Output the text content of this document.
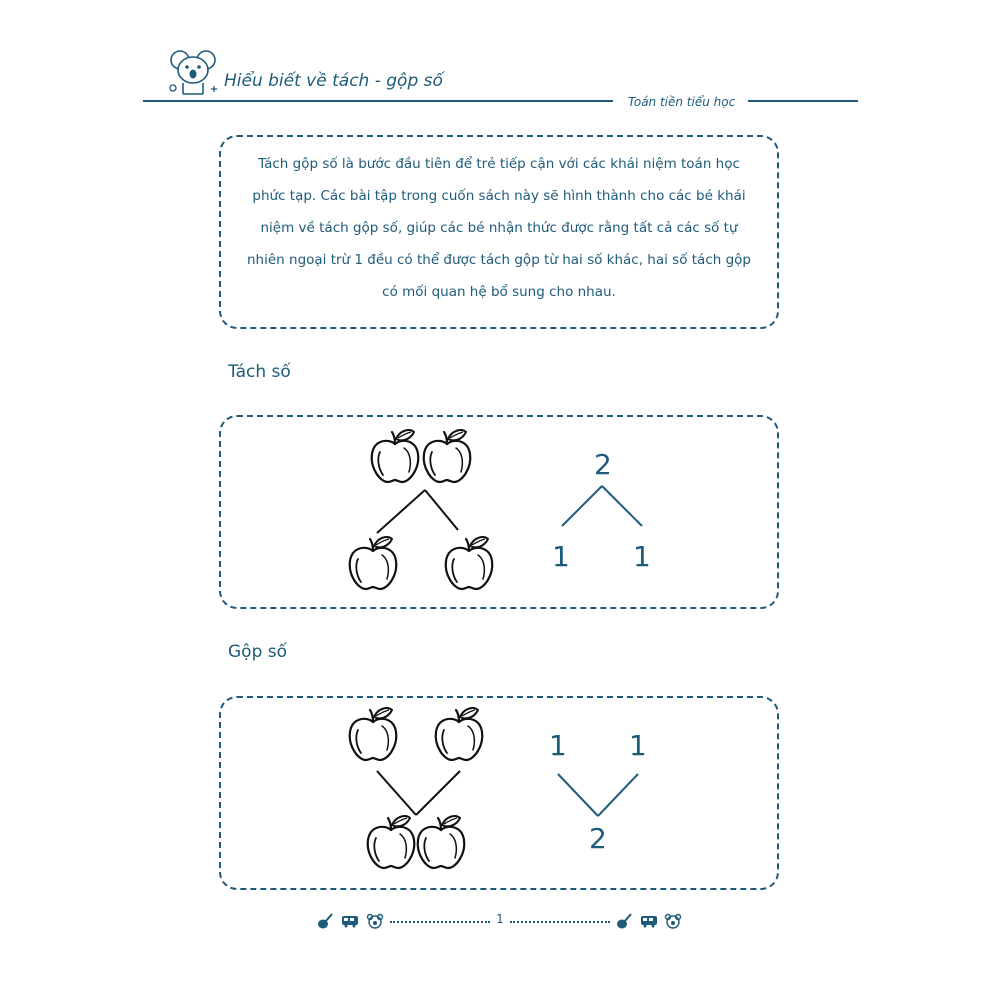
Hiểu biết về tách - gộp số
Toán tiền tiểu học
Tách gộp số là bước đầu tiên để trẻ tiếp cận với các khái niệm toán học
phức tạp. Các bài tập trong cuốn sách này sẽ hình thành cho các bé khái
niệm về tách gộp số, giúp các bé nhận thức được rằng tất cả các số tự
nhiên ngoại trừ 1 đều có thể được tách gộp từ hai số khác, hai số tách gộp
có mối quan hệ bổ sung cho nhau.
Tách số
2
1 1
Gộp số
1 1
2
1
